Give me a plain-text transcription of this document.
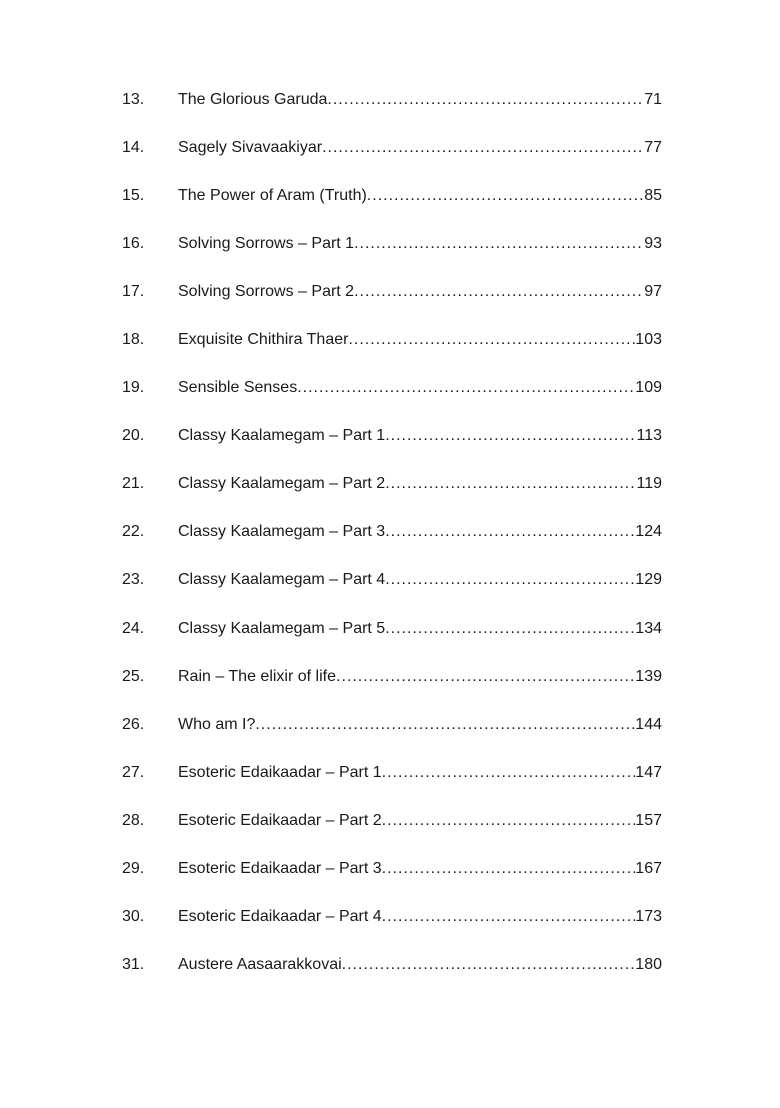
13.	The Glorious Garuda .....	71
14.	Sagely Sivavaakiyar .....	77
15.	The Power of Aram (Truth) .....	85
16.	Solving Sorrows – Part 1 .....	93
17.	Solving Sorrows – Part 2 .....	97
18.	Exquisite Chithira Thaer .....	103
19.	Sensible Senses .....	109
20.	Classy Kaalamegam – Part 1 .....	113
21.	Classy Kaalamegam – Part 2 .....	119
22.	Classy Kaalamegam – Part 3 .....	124
23.	Classy Kaalamegam – Part 4 .....	129
24.	Classy Kaalamegam – Part 5 .....	134
25.	Rain – The elixir of life .....	139
26.	Who am I? .....	144
27.	Esoteric Edaikaadar – Part 1 .....	147
28.	Esoteric Edaikaadar – Part 2 .....	157
29.	Esoteric Edaikaadar – Part 3 .....	167
30.	Esoteric Edaikaadar – Part 4 .....	173
31.	Austere Aasaarakkovai .....	180
